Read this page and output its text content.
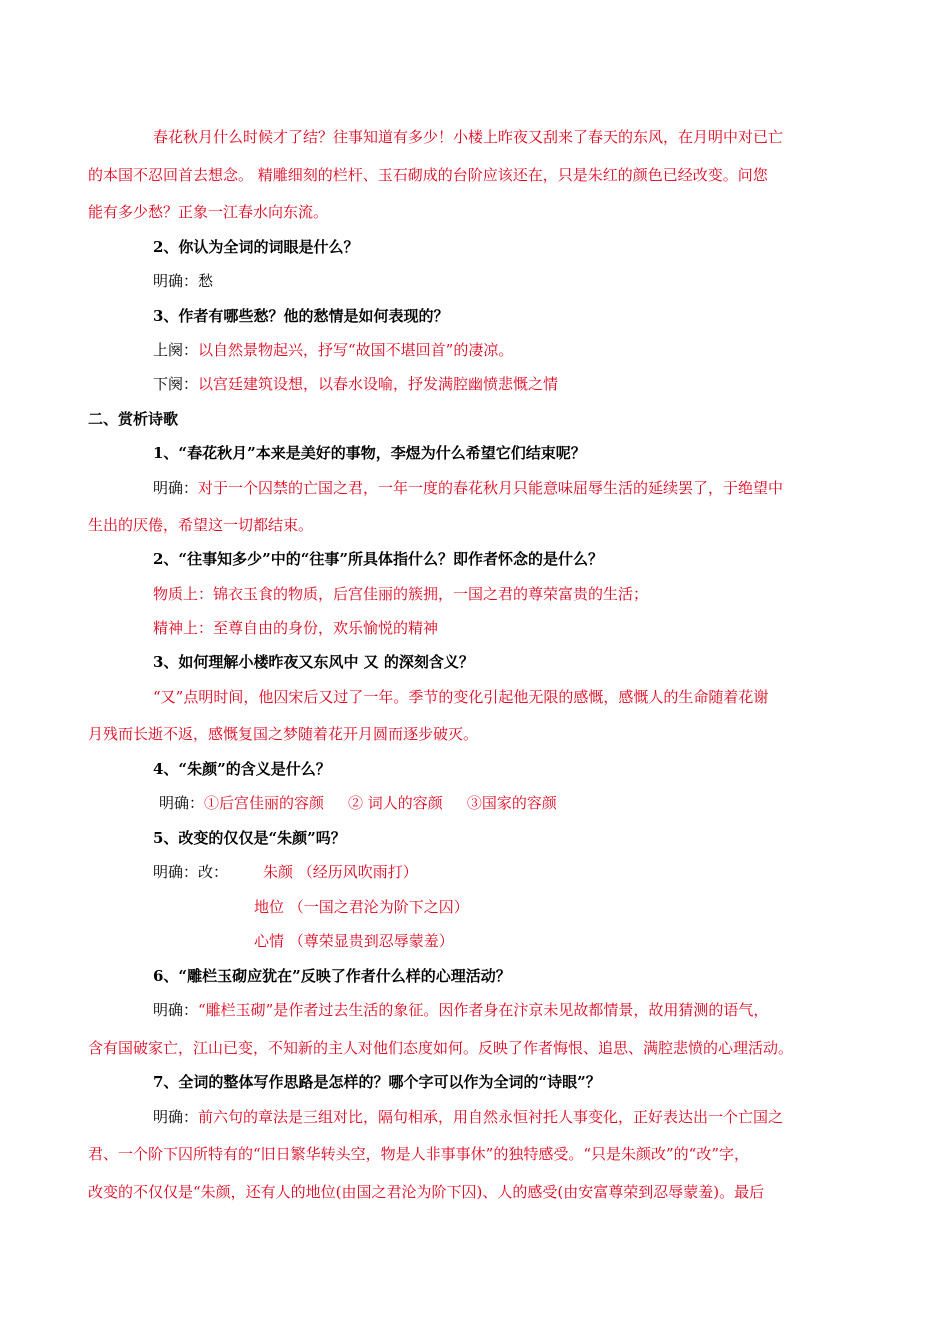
春花秋月什么时候才了结？往事知道有多少！小楼上昨夜又刮来了春天的东风，在月明中对已亡
的本国不忍回首去想念。 精雕细刻的栏杆、玉石砌成的台阶应该还在，只是朱红的颜色已经改变。问您
能有多少愁？正象一江春水向东流。
2、你认为全词的词眼是什么？
明确：愁
3、作者有哪些愁？他的愁情是如何表现的？
上阕：以自然景物起兴，抒写“故国不堪回首”的凄凉。
下阕：以宫廷建筑设想，以春水设喻，抒发满腔幽愤悲慨之情
二、赏析诗歌
1、“春花秋月”本来是美好的事物，李煜为什么希望它们结束呢？
明确：对于一个囚禁的亡国之君，一年一度的春花秋月只能意味屈辱生活的延续罢了，于绝望中
生出的厌倦，希望这一切都结束。
2、“往事知多少”中的“往事”所具体指什么？即作者怀念的是什么？
物质上：锦衣玉食的物质，后宫佳丽的簇拥，一国之君的尊荣富贵的生活；
精神上：至尊自由的身份，欢乐愉悦的精神
3、如何理解小楼昨夜又东风中 又 的深刻含义？
“又”点明时间，他囚宋后又过了一年。季节的变化引起他无限的感慨，感慨人的生命随着花谢
月残而长逝不返，感慨复国之梦随着花开月圆而逐步破灭。
4、“朱颜”的含义是什么？
明确：①后宫佳丽的容颜 ② 词人的容颜 ③国家的容颜
5、改变的仅仅是“朱颜”吗？
明确：改：	朱颜 （经历风吹雨打）
地位 （一国之君沦为阶下之囚）
心情 （尊荣显贵到忍辱蒙羞）
6、“雕栏玉砌应犹在”反映了作者什么样的心理活动？
明确：“雕栏玉砌”是作者过去生活的象征。因作者身在汴京未见故都情景，故用猜测的语气，
含有国破家亡，江山已变，不知新的主人对他们态度如何。反映了作者悔恨、追思、满腔悲愤的心理活动。
7、全词的整体写作思路是怎样的？哪个字可以作为全词的“诗眼”？
明确：前六句的章法是三组对比，隔句相承，用自然永恒衬托人事变化，正好表达出一个亡国之
君、一个阶下囚所特有的“旧日繁华转头空，物是人非事事休”的独特感受。“只是朱颜改”的“改”字，
改变的不仅仅是“朱颜，还有人的地位(由国之君沦为阶下囚)、人的感受(由安富尊荣到忍辱蒙羞)。最后
